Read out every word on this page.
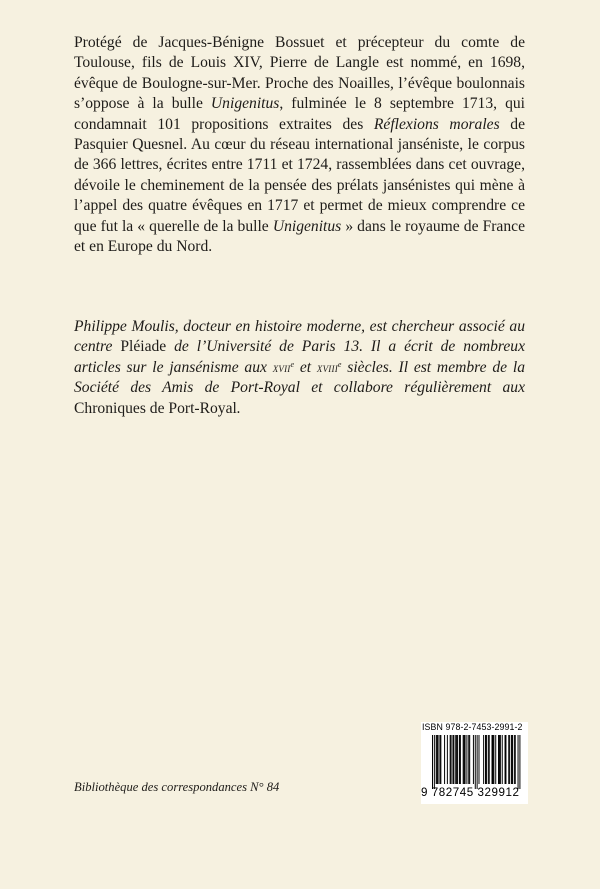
Protégé de Jacques-Bénigne Bossuet et précepteur du comte de Toulouse, fils de Louis XIV, Pierre de Langle est nommé, en 1698, évêque de Boulogne-sur-Mer. Proche des Noailles, l’évêque boulonnais s’oppose à la bulle Unigenitus, fulminée le 8 septembre 1713, qui condamnait 101 propositions extraites des Réflexions morales de Pasquier Quesnel. Au cœur du réseau international janséniste, le corpus de 366 lettres, écrites entre 1711 et 1724, rassemblées dans cet ouvrage, dévoile le cheminement de la pensée des prélats jansénistes qui mène à l’appel des quatre évêques en 1717 et permet de mieux comprendre ce que fut la « querelle de la bulle Unigenitus » dans le royaume de France et en Europe du Nord.

Philippe Moulis, docteur en histoire moderne, est chercheur associé au centre Pléiade de l’Université de Paris 13. Il a écrit de nombreux articles sur le jansénisme aux xvii$^e$ et xviii$^e$ siècles. Il est membre de la Société des Amis de Port-Royal et collabore régulièrement aux Chroniques de Port-Royal.

Bibliothèque des correspondances N° 84
ISBN 978-2-7453-2991-2
9 782745 329912
